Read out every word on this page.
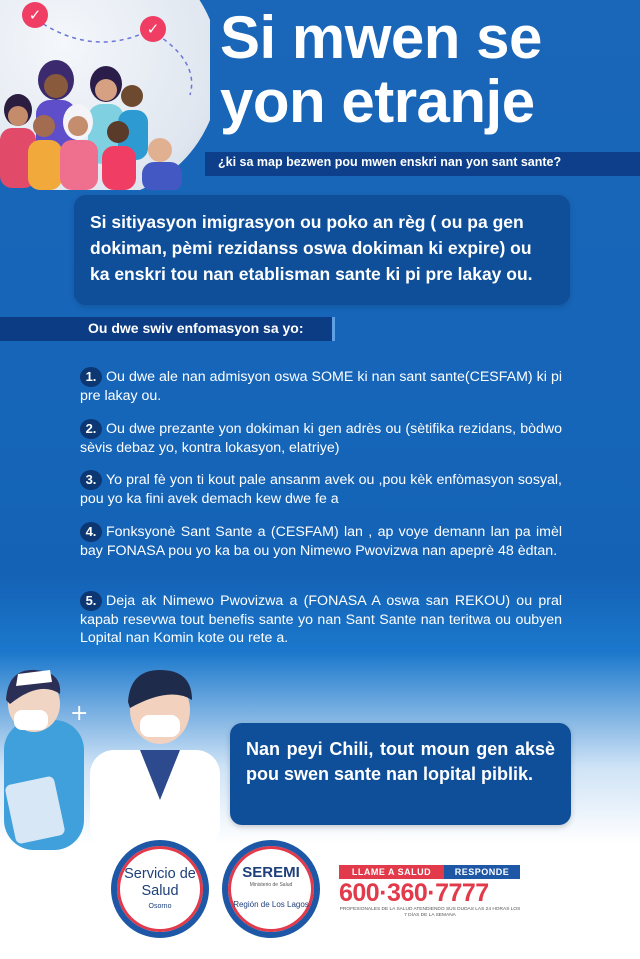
✓
✓ Si mwen se yon etranje
¿ki sa map bezwen pou mwen enskri nan yon sant sante?

Si sitiyasyon imigrasyon ou poko an règ ( ou pa gen dokiman, pèmi rezidanss oswa dokiman ki expire) ou ka enskri tou nan etablisman sante ki pi pre lakay ou.

Ou dwe swiv enfomasyon sa yo:

1. Ou dwe ale nan admisyon oswa SOME ki nan sant sante(CESFAM) ki pi pre lakay ou.

2. Ou dwe prezante yon dokiman ki gen adrès ou (sètifika rezidans, bòdwo sèvis debaz yo, kontra lokasyon, elatriye)

3. Yo pral fè yon ti kout pale ansanm avek ou ,pou kèk enfòmasyon sosyal, pou yo ka fini avek demach kew dwe fe a

4. Fonksyonè Sant Sante a (CESFAM) lan , ap voye demann lan pa imèl bay FONASA pou yo ka ba ou yon Nimewo Pwovizwa nan apeprè 48 èdtan.

5. Deja ak Nimewo Pwovizwa a (FONASA A oswa san REKOU) ou pral kapab resevwa tout benefis sante yo nan Sant Sante nan teritwa ou oubyen Lopital nan Komin kote ou rete a.

+

Nan peyi Chili, tout moun gen aksè pou swen sante nan lopital piblik.

Servicio de Salud
Osorno
SEREMI
Ministerio de Salud
Región de Los Lagos
LLAME A SALUD	RESPONDE
600·360·7777
PROFESIONALES DE LA SALUD ATENDIENDO SUS DUDAS LAS 24 HORAS LOS 7 DÍAS DE LA SEMANA
